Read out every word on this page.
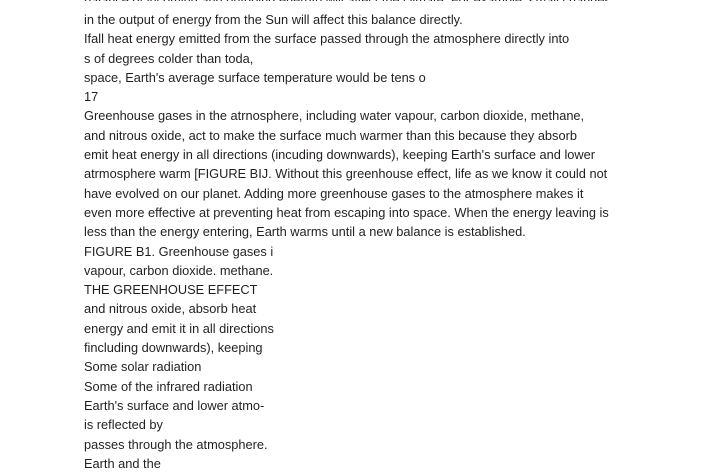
in the output of energy from the Sun will affect this balance directly.
Ifall heat energy emitted from the surface passed through the atmosphere directly into
s of degrees colder than toda,
space, Earth's average surface temperature would be tens o
17
Greenhouse gases in the atrnosphere, including water vapour, carbon dioxide, methane,
and nitrous oxide, act to make the surface much warmer than this because they absorb
emit heat energy in all directions (incuding downwards), keeping Earth's surface and lower
atrmosphere warm [FIGURE BIJ. Without this greenhouse effect, life as we know it could not
have evolved on our planet. Adding more greenhouse gases to the atmosphere makes it
even more effective at preventing heat from escaping into space. When the energy leaving is
less than the energy entering, Earth warms until a new balance is established.
FIGURE B1. Greenhouse gases i
vapour, carbon dioxide. methane.
THE GREENHOUSE EFFECT
and nitrous oxide, absorb heat
energy and emit it in all directions
fincluding downwards), keeping
Some solar radiation
Some of the infrared radiation
Earth's surface and lower atmo-
is reflected by
passes through the atmosphere.
Earth and the
